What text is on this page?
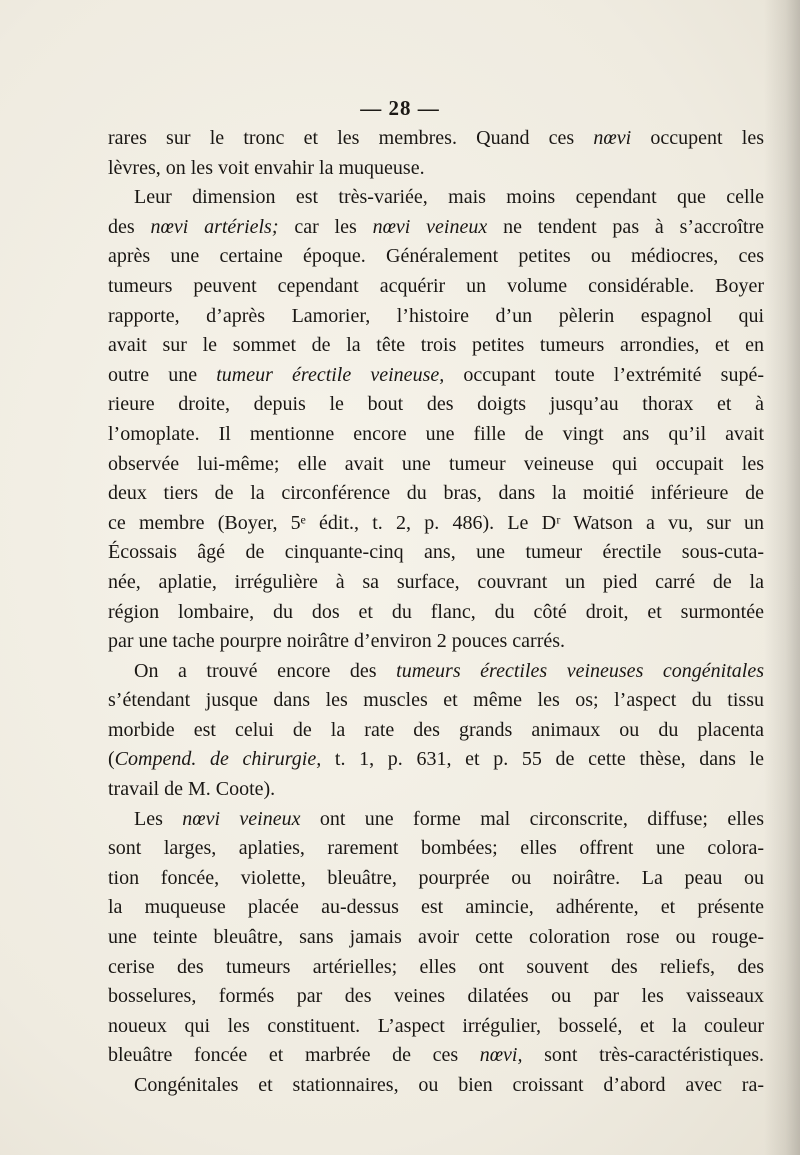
— 28 —
rares sur le tronc et les membres. Quand ces nœvi occupent les
lèvres, on les voit envahir la muqueuse.
Leur dimension est très-variée, mais moins cependant que celle
des nœvi artériels; car les nœvi veineux ne tendent pas à s’accroître
après une certaine époque. Généralement petites ou médiocres, ces
tumeurs peuvent cependant acquérir un volume considérable. Boyer
rapporte, d’après Lamorier, l’histoire d’un pèlerin espagnol qui
avait sur le sommet de la tête trois petites tumeurs arrondies, et en
outre une tumeur érectile veineuse, occupant toute l’extrémité supé-
rieure droite, depuis le bout des doigts jusqu’au thorax et à
l’omoplate. Il mentionne encore une fille de vingt ans qu’il avait
observée lui-même; elle avait une tumeur veineuse qui occupait les
deux tiers de la circonférence du bras, dans la moitié inférieure de
ce membre (Boyer, 5ᵉ édit., t. 2, p. 486). Le Dʳ Watson a vu, sur un
Écossais âgé de cinquante-cinq ans, une tumeur érectile sous-cuta-
née, aplatie, irrégulière à sa surface, couvrant un pied carré de la
région lombaire, du dos et du flanc, du côté droit, et surmontée
par une tache pourpre noirâtre d’environ 2 pouces carrés.
On a trouvé encore des tumeurs érectiles veineuses congénitales
s’étendant jusque dans les muscles et même les os; l’aspect du tissu
morbide est celui de la rate des grands animaux ou du placenta
(Compend. de chirurgie, t. 1, p. 631, et p. 55 de cette thèse, dans le
travail de M. Coote).
Les nœvi veineux ont une forme mal circonscrite, diffuse; elles
sont larges, aplaties, rarement bombées; elles offrent une colora-
tion foncée, violette, bleuâtre, pourprée ou noirâtre. La peau ou
la muqueuse placée au-dessus est amincie, adhérente, et présente
une teinte bleuâtre, sans jamais avoir cette coloration rose ou rouge-
cerise des tumeurs artérielles; elles ont souvent des reliefs, des
bosselures, formés par des veines dilatées ou par les vaisseaux
noueux qui les constituent. L’aspect irrégulier, bosselé, et la couleur
bleuâtre foncée et marbrée de ces nœvi, sont très-caractéristiques.
Congénitales et stationnaires, ou bien croissant d’abord avec ra-
